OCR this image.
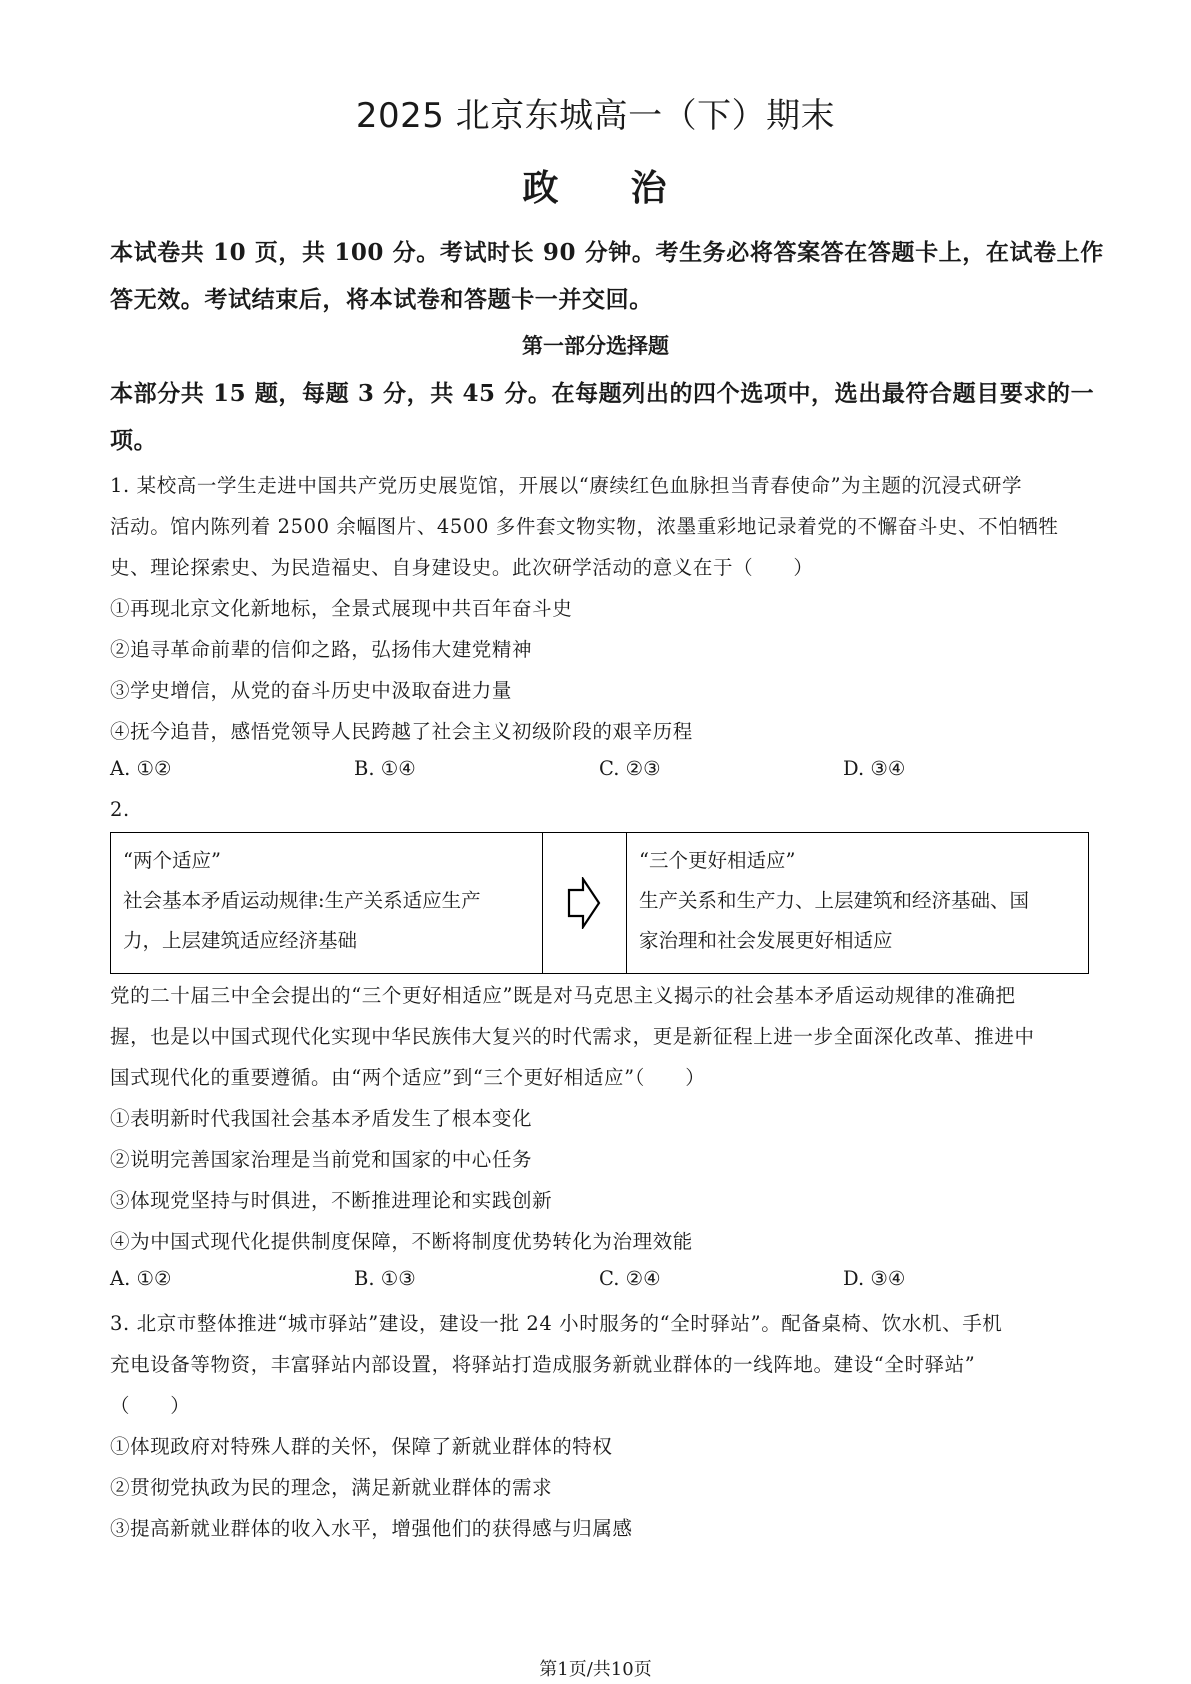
2025 北京东城高一（下）期末
政 治
本试卷共 10 页，共 100 分。考试时长 90 分钟。考生务必将答案答在答题卡上，在试卷上作
答无效。考试结束后，将本试卷和答题卡一并交回。
第一部分选择题
本部分共 15 题，每题 3 分，共 45 分。在每题列出的四个选项中，选出最符合题目要求的一
项。
1. 某校高一学生走进中国共产党历史展览馆，开展以“赓续红色血脉担当青春使命”为主题的沉浸式研学
活动。馆内陈列着 2500 余幅图片、4500 多件套文物实物，浓墨重彩地记录着党的不懈奋斗史、不怕牺牲
史、理论探索史、为民造福史、自身建设史。此次研学活动的意义在于（　　）
①再现北京文化新地标，全景式展现中共百年奋斗史
②追寻革命前辈的信仰之路，弘扬伟大建党精神
③学史增信，从党的奋斗历史中汲取奋进力量
④抚今追昔，感悟党领导人民跨越了社会主义初级阶段的艰辛历程
A. ①②	B. ①④	C. ②③	D. ③④
2.
“两个适应”
社会基本矛盾运动规律:生产关系适应生产
力，上层建筑适应经济基础
“三个更好相适应”
生产关系和生产力、上层建筑和经济基础、国
家治理和社会发展更好相适应
党的二十届三中全会提出的“三个更好相适应”既是对马克思主义揭示的社会基本矛盾运动规律的准确把
握，也是以中国式现代化实现中华民族伟大复兴的时代需求，更是新征程上进一步全面深化改革、推进中
国式现代化的重要遵循。由“两个适应”到“三个更好相适应”（　　）
①表明新时代我国社会基本矛盾发生了根本变化
②说明完善国家治理是当前党和国家的中心任务
③体现党坚持与时俱进，不断推进理论和实践创新
④为中国式现代化提供制度保障，不断将制度优势转化为治理效能
A. ①②	B. ①③	C. ②④	D. ③④
3. 北京市整体推进“城市驿站”建设，建设一批 24 小时服务的“全时驿站”。配备桌椅、饮水机、手机
充电设备等物资，丰富驿站内部设置，将驿站打造成服务新就业群体的一线阵地。建设“全时驿站”
（　　）
①体现政府对特殊人群的关怀，保障了新就业群体的特权
②贯彻党执政为民的理念，满足新就业群体的需求
③提高新就业群体的收入水平，增强他们的获得感与归属感
第1页/共10页
